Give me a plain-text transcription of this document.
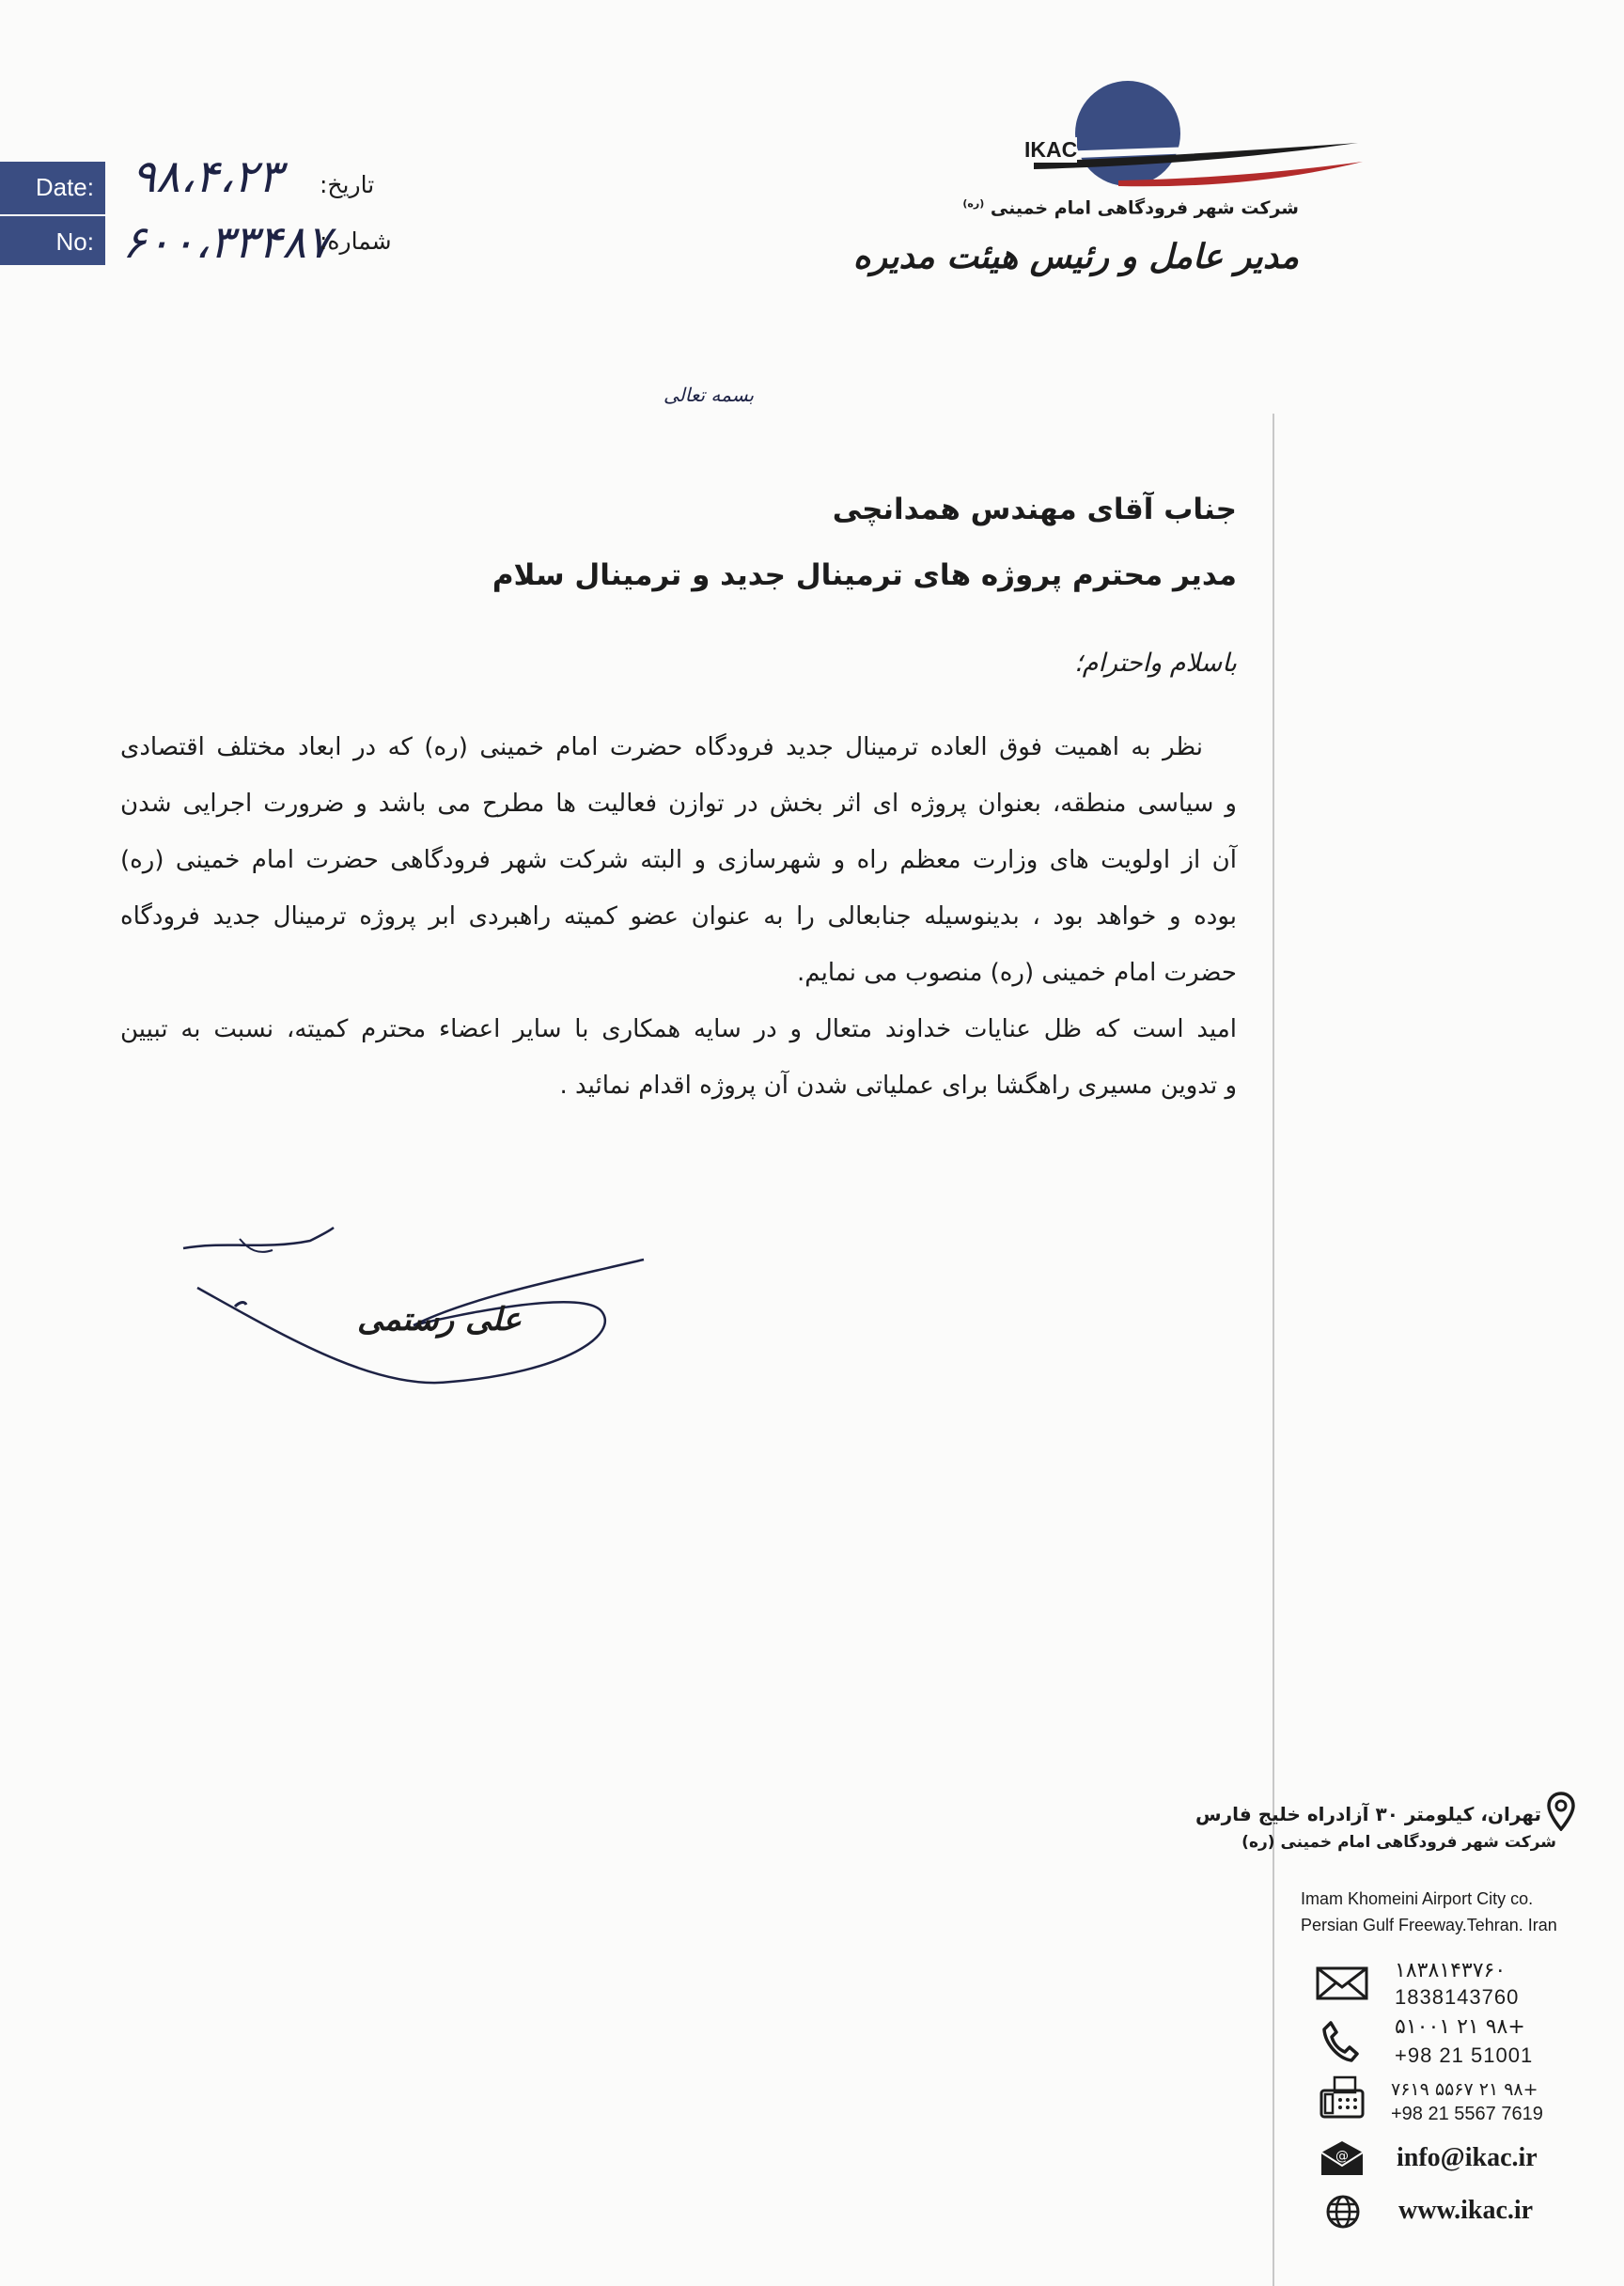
Date:
No:
۹۸،۴،۲۳
۶۰۰،۳۳۴۸۷
تاریخ:
شماره:
IKAC
شرکت شهر فرودگاهی امام خمینی $^{(ره)}$
مدیر عامل و رئیس هیئت مدیره
بسمه تعالی
جناب آقای مهندس همدانچی
مدیر محترم پروژه های ترمینال جدید و ترمینال سلام
باسلام واحترام؛
نظر به اهمیت فوق العاده ترمینال جدید فرودگاه حضرت امام خمینی (ره) که در ابعاد مختلف اقتصادی
و سیاسی منطقه، بعنوان پروژه ای اثر بخش در توازن فعالیت ها مطرح می باشد و ضرورت اجرایی شدن
آن از اولویت های وزارت معظم راه و شهرسازی و البته شرکت شهر فرودگاهی حضرت امام خمینی (ره)
بوده و خواهد بود ، بدینوسیله جنابعالی را به عنوان عضو کمیته راهبردی ابر پروژه ترمینال جدید فرودگاه
حضرت امام خمینی (ره) منصوب می نمایم.
امید است که ظل عنایات خداوند متعال و در سایه همکاری با سایر اعضاء محترم کمیته، نسبت به تبیین
و تدوین مسیری راهگشا برای عملیاتی شدن آن پروژه اقدام نمائید .
علی رستمی
تهران، کیلومتر ۳۰ آزادراه خلیج فارس
شرکت شهر فرودگاهی امام خمینی (ره)
Imam Khomeini Airport City co.
Persian Gulf Freeway.Tehran. Iran
۱۸۳۸۱۴۳۷۶۰
1838143760
+۹۸ ۲۱ ۵۱۰۰۱
+98 21 51001
+۹۸ ۲۱ ۵۵۶۷ ۷۶۱۹
+98 21 5567 7619
@ info@ikac.ir
www.ikac.ir
